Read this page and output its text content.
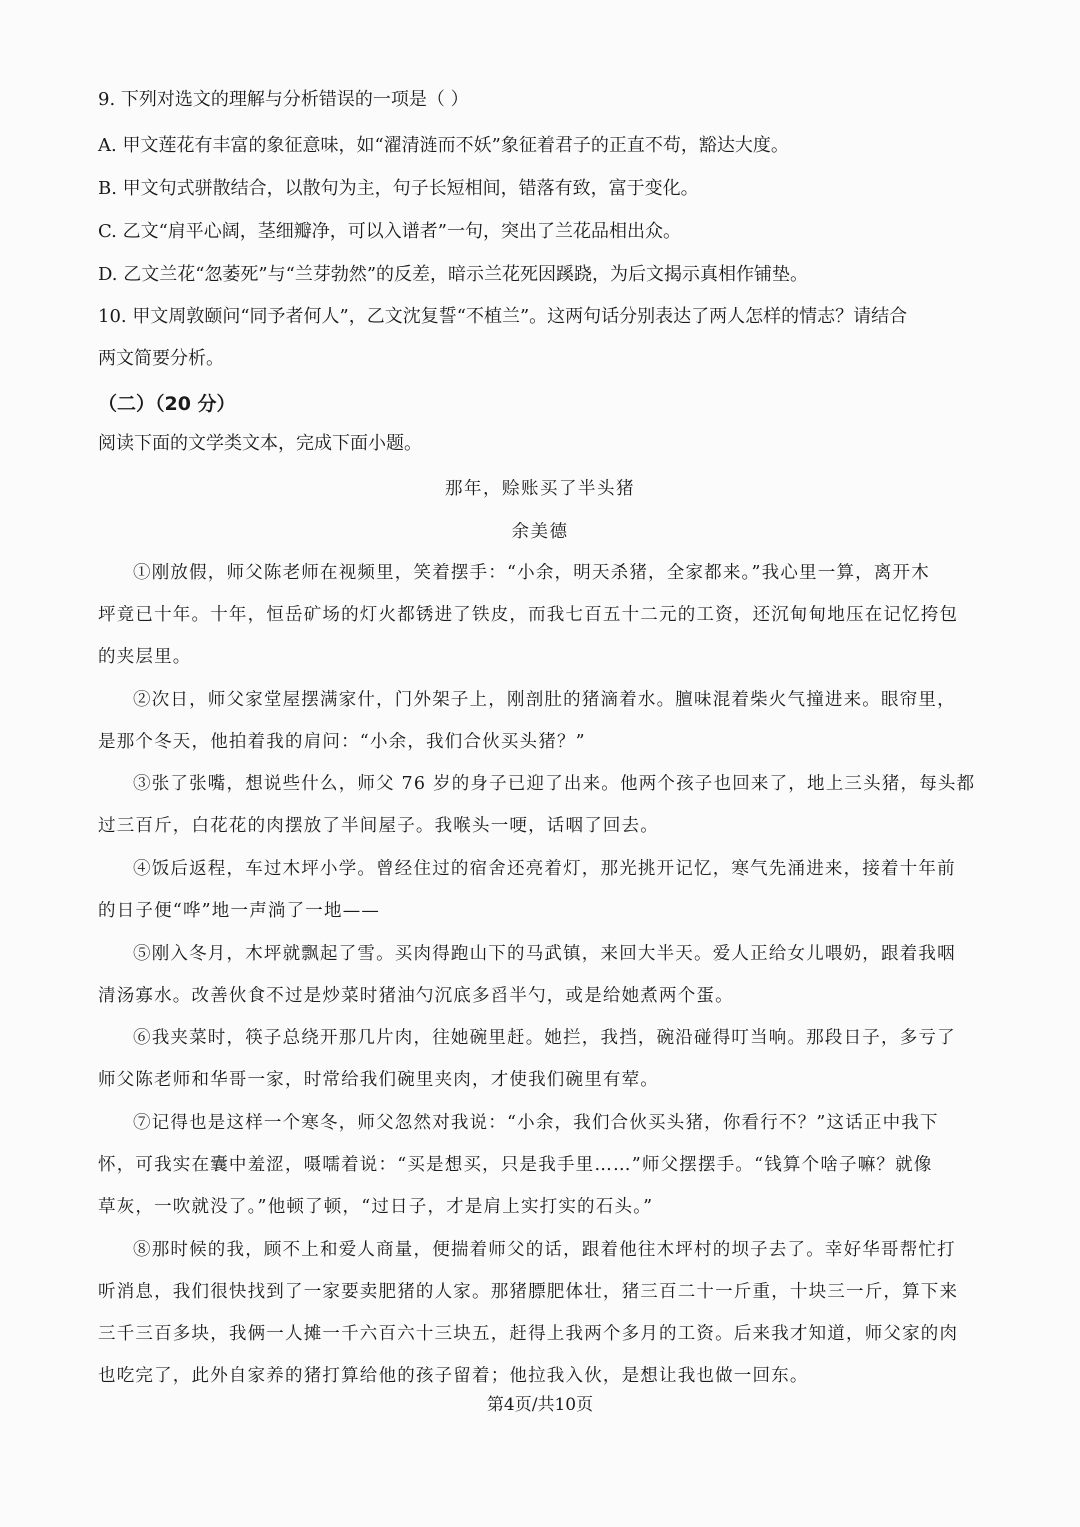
9. 下列对选文的理解与分析错误的一项是（ ）
A. 甲文莲花有丰富的象征意味，如“濯清涟而不妖”象征着君子的正直不苟，豁达大度。
B. 甲文句式骈散结合，以散句为主，句子长短相间，错落有致，富于变化。
C. 乙文“肩平心阔，茎细瓣净，可以入谱者”一句，突出了兰花品相出众。
D. 乙文兰花“忽萎死”与“兰芽勃然”的反差，暗示兰花死因蹊跷，为后文揭示真相作铺垫。
10. 甲文周敦颐问“同予者何人”，乙文沈复誓“不植兰”。这两句话分别表达了两人怎样的情志？请结合
两文简要分析。
（二）（20 分）
阅读下面的文学类文本，完成下面小题。
那年，赊账买了半头猪
余美德
①刚放假，师父陈老师在视频里，笑着摆手：“小余，明天杀猪，全家都来。”我心里一算，离开木
坪竟已十年。十年，恒岳矿场的灯火都锈进了铁皮，而我七百五十二元的工资，还沉甸甸地压在记忆挎包
的夹层里。
②次日，师父家堂屋摆满家什，门外架子上，刚剖肚的猪滴着水。膻味混着柴火气撞进来。眼帘里，
是那个冬天，他拍着我的肩问：“小余，我们合伙买头猪？”
③张了张嘴，想说些什么，师父 76 岁的身子已迎了出来。他两个孩子也回来了，地上三头猪，每头都
过三百斤，白花花的肉摆放了半间屋子。我喉头一哽，话咽了回去。
④饭后返程，车过木坪小学。曾经住过的宿舍还亮着灯，那光挑开记忆，寒气先涌进来，接着十年前
的日子便“哗”地一声淌了一地——
⑤刚入冬月，木坪就飘起了雪。买肉得跑山下的马武镇，来回大半天。爱人正给女儿喂奶，跟着我咽
清汤寡水。改善伙食不过是炒菜时猪油勺沉底多舀半勺，或是给她煮两个蛋。
⑥我夹菜时，筷子总绕开那几片肉，往她碗里赶。她拦，我挡，碗沿碰得叮当响。那段日子，多亏了
师父陈老师和华哥一家，时常给我们碗里夹肉，才使我们碗里有荤。
⑦记得也是这样一个寒冬，师父忽然对我说：“小余，我们合伙买头猪，你看行不？”这话正中我下
怀，可我实在囊中羞涩，嗫嚅着说：“买是想买，只是我手里……”师父摆摆手。“钱算个啥子嘛？就像
草灰，一吹就没了。”他顿了顿，“过日子，才是肩上实打实的石头。”
⑧那时候的我，顾不上和爱人商量，便揣着师父的话，跟着他往木坪村的坝子去了。幸好华哥帮忙打
听消息，我们很快找到了一家要卖肥猪的人家。那猪膘肥体壮，猪三百二十一斤重，十块三一斤，算下来
三千三百多块，我俩一人摊一千六百六十三块五，赶得上我两个多月的工资。后来我才知道，师父家的肉
也吃完了，此外自家养的猪打算给他的孩子留着；他拉我入伙，是想让我也做一回东。
第4页/共10页
